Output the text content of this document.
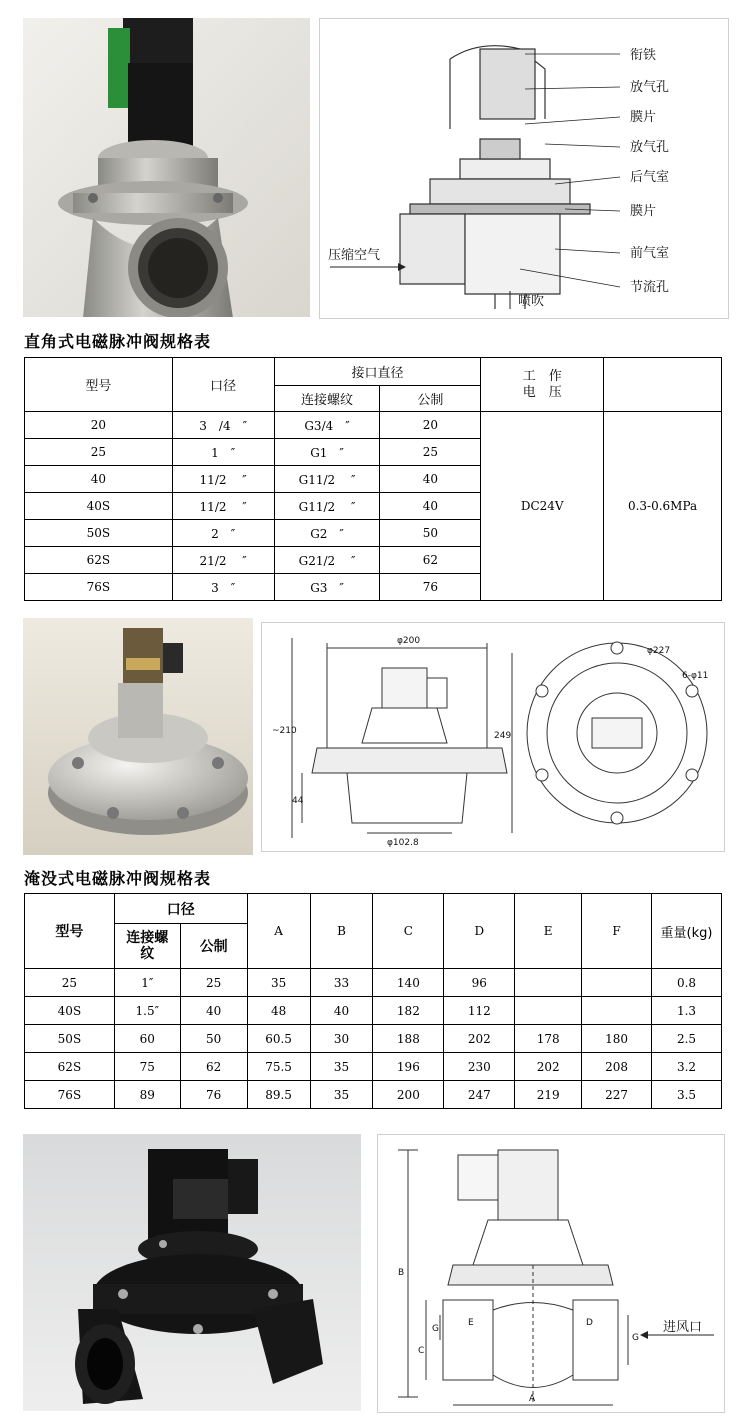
衔铁
放气孔
膜片
放气孔
后气室
膜片
前气室
节流孔
压缩空气
喷吹
直角式电磁脉冲阀规格表
型号	口径	接口直径		工　作
电　压	

		连接螺纹	公制		
20	3　/4　″	G3/4　″	20	DC24V	0.3-0.6MPa
25	1　″	G1　″	25		
40	11/2　 ″	G11/2　 ″	40		
40S	11/2　 ″	G11/2　 ″	40		
50S	2　″	G2　″	50		
62S	21/2　 ″	G21/2　 ″	62		
76S	3　″	G3　″	76		
φ200
~210
44
φ102.8
249
φ227
6-φ11
淹没式电磁脉冲阀规格表
型号	口径		A	B	C	D	E	F	重量(kg)
	连接螺纹	公制							
25	1″	25	35	33	140	96			0.8
40S	1.5″	40	48	40	182	112			1.3
50S	60	50	60.5	30	188	202	178	180	2.5
62S	75	62	75.5	35	196	230	202	208	3.2
76S	89	76	89.5	35	200	247	219	227	3.5
B
G
G
C
E	D
A
进风口
